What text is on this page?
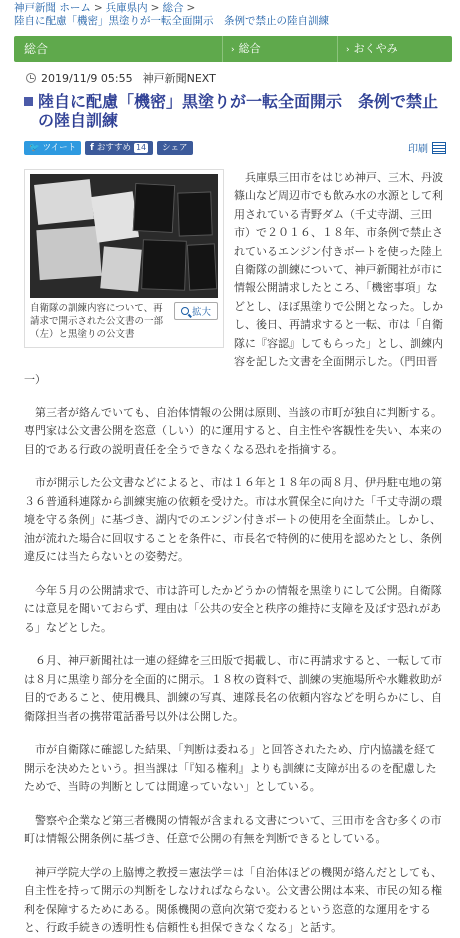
神戸新聞 ホーム > 兵庫県内 > 総合 >
陸自に配慮「機密」黒塗りが一転全面開示　条例で禁止の陸自訓練
総合	› 総合	› おくやみ
2019/11/9 05:55 神戸新聞NEXT
陸自に配慮「機密」黒塗りが一転全面開示　条例で禁止の陸自訓練
🐦 ツイート f おすすめ 14 シェア	印刷
自衛隊の訓練内容について、再請求で開示された公文書の一部（左）と黒塗りの公文書
拡大

兵庫県三田市をはじめ神戸、三木、丹波篠山など周辺市でも飲み水の水源として利用されている青野ダム（千丈寺湖、三田市）で２０１６、１８年、市条例で禁止されているエンジン付きボートを使った陸上自衛隊の訓練について、神戸新聞社が市に情報公開請求したところ、「機密事項」などとし、ほぼ黒塗りで公開となった。しかし、後日、再請求すると一転、市は「自衛隊に『容認』してもらった」とし、訓練内容を記した文書を全面開示した。（門田晋一）

第三者が絡んでいても、自治体情報の公開は原則、当該の市町が独自に判断する。専門家は公文書公開を恣意（しい）的に運用すると、自主性や客観性を失い、本来の目的である行政の説明責任を全うできなくなる恐れを指摘する。

市が開示した公文書などによると、市は１６年と１８年の両８月、伊丹駐屯地の第３６普通科連隊から訓練実施の依頼を受けた。市は水質保全に向けた「千丈寺湖の環境を守る条例」に基づき、湖内でのエンジン付きボートの使用を全面禁止。しかし、油が流れた場合に回収することを条件に、市長名で特例的に使用を認めたとし、条例違反には当たらないとの姿勢だ。

今年５月の公開請求で、市は許可したかどうかの情報を黒塗りにして公開。自衛隊には意見を聞いておらず、理由は「公共の安全と秩序の維持に支障を及ぼす恐れがある」などとした。

６月、神戸新聞社は一連の経緯を三田版で掲載し、市に再請求すると、一転して市は８月に黒塗り部分を全面的に開示。１８枚の資料で、訓練の実施場所や水難救助が目的であること、使用機具、訓練の写真、連隊長名の依頼内容などを明らかにし、自衛隊担当者の携帯電話番号以外は公開した。

市が自衛隊に確認した結果、「判断は委ねる」と回答されたため、庁内協議を経て開示を決めたという。担当課は「『知る権利』よりも訓練に支障が出るのを配慮したためで、当時の判断としては間違っていない」としている。

警察や企業など第三者機関の情報が含まれる文書について、三田市を含む多くの市町は情報公開条例に基づき、任意で公開の有無を判断できるとしている。

神戸学院大学の上脇博之教授＝憲法学＝は「自治体ほどの機関が絡んだとしても、自主性を持って開示の判断をしなければならない。公文書公開は本来、市民の知る権利を保障するためにある。関係機関の意向次第で変わるという恣意的な運用をすると、行政手続きの透明性も信頼性も担保できなくなる」と話す。
